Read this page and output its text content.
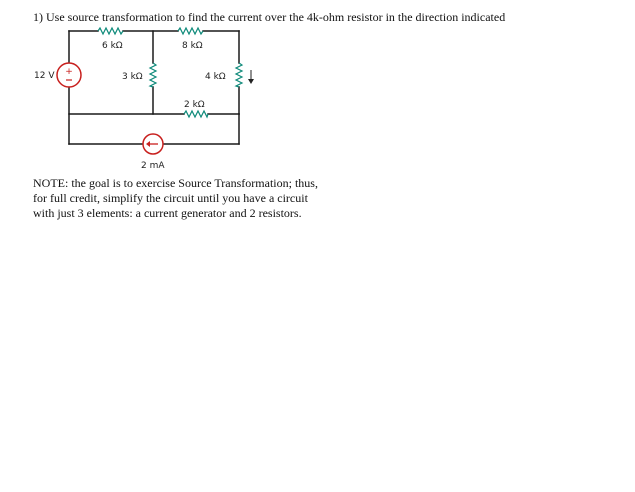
1) Use source transformation to find the current over the 4k-ohm resistor in the direction indicated

+
12 V
6 kΩ	8 kΩ
3 kΩ	4 kΩ
2 kΩ
2 mA
NOTE: the goal is to exercise Source Transformation; thus,
for full credit, simplify the circuit until you have a circuit
with just 3 elements: a current generator and 2 resistors.
